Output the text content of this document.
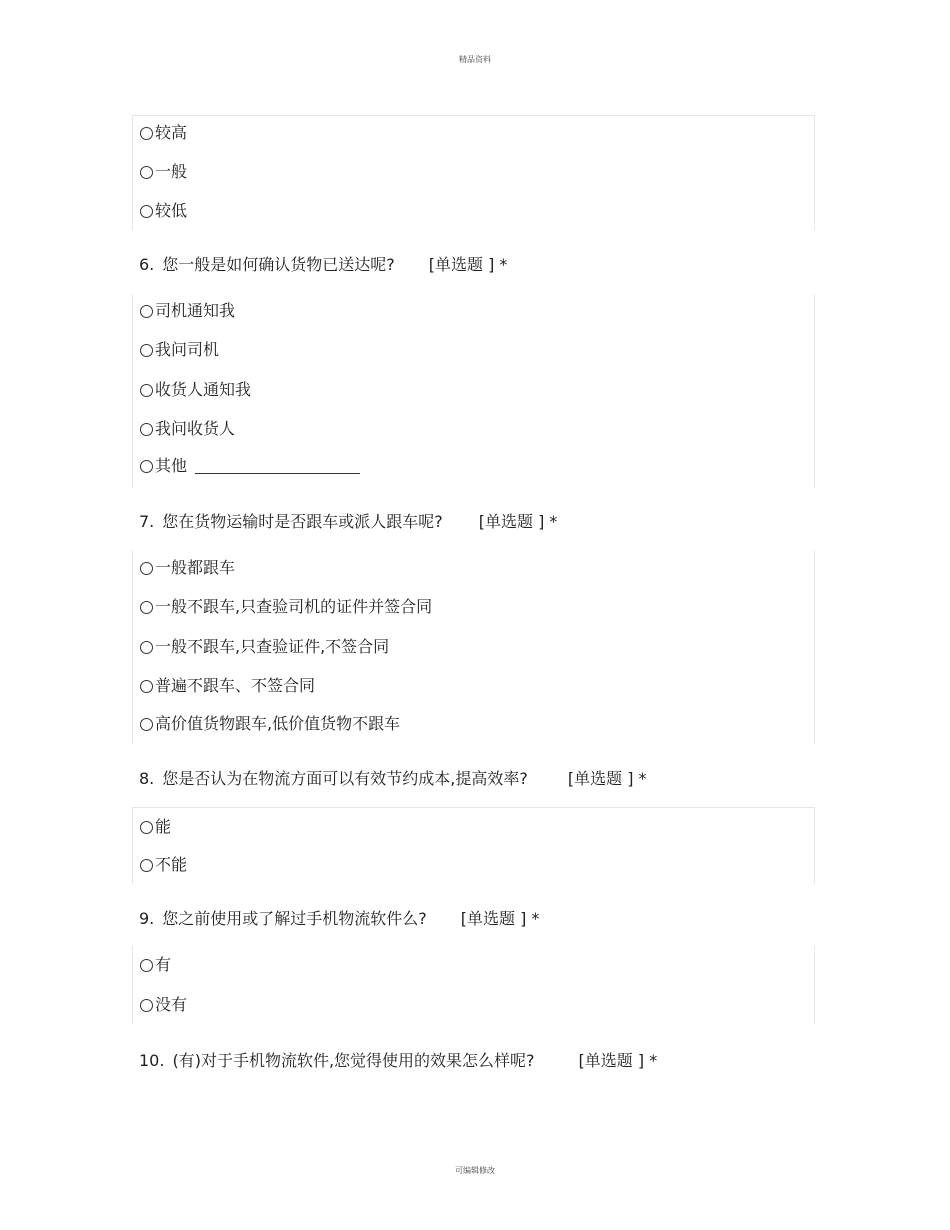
精品资料
较高
一般
较低
6. 您一般是如何确认货物已送达呢? [单选题 ] *
司机通知我
我问司机
收货人通知我
我问收货人
其他
7. 您在货物运输时是否跟车或派人跟车呢? [单选题 ] *
一般都跟车
一般不跟车,只查验司机的证件并签合同
一般不跟车,只查验证件,不签合同
普遍不跟车、不签合同
高价值货物跟车,低价值货物不跟车
8. 您是否认为在物流方面可以有效节约成本,提高效率?	[单选题 ] *
能
不能
9. 您之前使用或了解过手机物流软件么? [单选题 ] *
有
没有
10. (有)对于手机物流软件,您觉得使用的效果怎么样呢?	[单选题 ] *
可编辑修改
